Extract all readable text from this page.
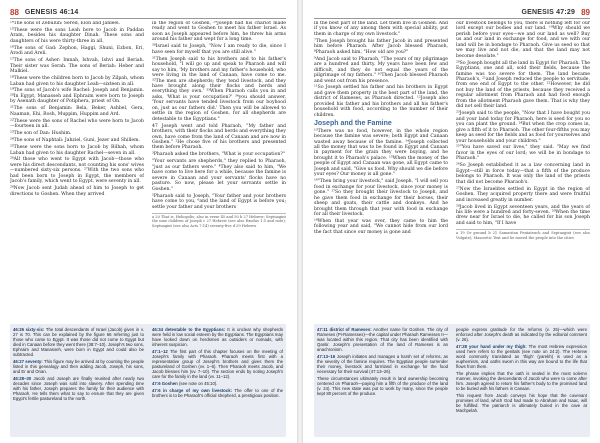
88 GENESIS 46:14

¹⁴The sons of Zebulun: Sered, Elon and Jahleel.

¹⁵These were the sons Leah bore to Jacob in Paddan Aram, besides his daughter Dinah. These sons and daughters of his were thirty-three in all.

¹⁶The sons of Gad: Zephon, Haggi, Shuni, Ezbon, Eri, Arodi and Areli.

¹⁷The sons of Asher: Imnah, Ishvah, Ishvi and Beriah. Their sister was Serah. The sons of Beriah: Heber and Malkiel.

¹⁸These were the children born to Jacob by Zilpah, whom Laban had given to his daughter Leah—sixteen in all.

¹⁹The sons of Jacob's wife Rachel: Joseph and Benjamin. ²⁰In Egypt, Manasseh and Ephraim were born to Joseph by Asenath daughter of Potiphera, priest of On.

²¹The sons of Benjamin: Bela, Beker, Ashbel, Gera, Naaman, Ehi, Rosh, Muppim, Huppim and Ard.

²²These were the sons of Rachel who were born to Jacob—fourteen in all.

²³The son of Dan: Hushim.

²⁴The sons of Naphtali: Jahziel, Guni, Jezer and Shillem.

²⁵These were the sons born to Jacob by Bilhah, whom Laban had given to his daughter Rachel—seven in all.

²⁶All those who went to Egypt with Jacob—those who were his direct descendants, not counting his sons' wives—numbered sixty-six persons. ²⁷With the two sons who had been born to Joseph in Egypt, the members of Jacob's family, which went to Egypt, were seventy in all.

²⁸Now Jacob sent Judah ahead of him to Joseph to get directions to Goshen. When they arrived

in the region of Goshen, ²⁹Joseph had his chariot made ready and went to Goshen to meet his father Israel. As soon as Joseph appeared before him, he threw his arms around his father and wept for a long time.

³⁰Israel said to Joseph, "Now I am ready to die, since I have seen for myself that you are still alive."

³¹Then Joseph said to his brothers and to his father's household, "I will go up and speak to Pharaoh and will say to him, 'My brothers and my father's household, who were living in the land of Canaan, have come to me. ³²The men are shepherds; they tend livestock, and they have brought along their flocks and herds and everything they own.' ³³When Pharaoh calls you in and asks, 'What is your occupation?' ³⁴you should answer, 'Your servants have tended livestock from our boyhood on, just as our fathers did.' Then you will be allowed to settle in the region of Goshen, for all shepherds are detestable to the Egyptians."

47 Joseph went and told Pharaoh, "My father and brothers, with their flocks and herds and everything they own, have come from the land of Canaan and are now in Goshen." ²He chose five of his brothers and presented them before Pharaoh.

³Pharaoh asked the brothers, "What is your occupation?"

"Your servants are shepherds," they replied to Pharaoh, "just as our fathers were." ⁴They also said to him, "We have come to live here for a while, because the famine is severe in Canaan and your servants' flocks have no pasture. So now, please let your servants settle in Goshen."

⁵Pharaoh said to Joseph, "Your father and your brothers have come to you, ⁶and the land of Egypt is before you; settle your father and your brothers

a 20 That is, Heliopolis; also in verse 45 and 50 b 27 Hebrew; Septuagint the nine children of Joseph c 27 Hebrew (see also Exodus 1:5 and note); Septuagint (see also Acts 7:14) seventy-five d 29 Hebrew

46:26 sixty-six: The total descendants of Israel (Jacob) given in v. 27 is 70. This can be explained by the figure 66 referring just to those who came to Egypt. It was those did not come to Egypt but died in Canaan before they went there (38:7–10). Joseph's two sons, Ephraim and Manasseh, were born in Egypt and could also be subtracted.

46:27 seventy: This figure may be arrived at by counting the people listed in this genealogy and then adding Jacob, Joseph, his sons, and Er and Onan.

46:28–30 Jacob and Joseph are finally reunited after nearly two decades since Joseph was sold into slavery. After spending time with his father, Joseph prepares the family for their audience with Pharaoh. He tells them what to say to ensure that they are given Egypt's fertile pastureland to the north.

46:34 detestable to the Egyptians: It is unclear why shepherds were held in low social esteem by the Egyptians. The Egyptians may have looked down on herdsmen as outsiders or nomads, with inherent suspicion.

47:1–12 The first part of this chapter focuses on the meeting of Joseph's family with Pharaoh. Pharaoh meets first with a representative group of Joseph's brothers and gives them the pastureland of Goshen (vv. 1–6). Then Pharaoh meets Jacob, and Jacob blesses him (vv. 7–10). The section ends by noting Joseph's care for the family in the land (vv. 11–12).

47:6 Goshen (see note on 45:10).

47:6 in charge of my own livestock: The offer to one of the brothers is to be Pharaoh's official shepherd, a prestigious position.

GENESIS 47:29 89

in the best part of the land. Let them live in Goshen. And if you know of any among them with special ability, put them in charge of my own livestock."

⁷Then Joseph brought his father Jacob in and presented him before Pharaoh. After Jacob blessed Pharaoh, ⁸Pharaoh asked him, "How old are you?"

⁹And Jacob said to Pharaoh, "The years of my pilgrimage are a hundred and thirty. My years have been few and difficult, and they do not equal the years of the pilgrimage of my fathers." ¹⁰Then Jacob blessed Pharaoh and went out from his presence.

¹¹So Joseph settled his father and his brothers in Egypt and gave them property in the best part of the land, the district of Rameses, as Pharaoh directed. ¹²Joseph also provided his father and his brothers and all his father's household with food, according to the number of their children.

Joseph and the Famine

¹³There was no food, however, in the whole region because the famine was severe; both Egypt and Canaan wasted away because of the famine. ¹⁴Joseph collected all the money that was to be found in Egypt and Canaan in payment for the grain they were buying, and he brought it to Pharaoh's palace. ¹⁵When the money of the people of Egypt and Canaan was gone, all Egypt came to Joseph and said, "Give us food. Why should we die before your eyes? Our money is all gone."

¹⁶"Then bring your livestock," said Joseph. "I will sell you food in exchange for your livestock, since your money is gone." ¹⁷So they brought their livestock to Joseph, and he gave them food in exchange for their horses, their sheep and goats, their cattle and donkeys. And he brought them through that year with food in exchange for all their livestock.

¹⁸When that year was over, they came to him the following year and said, "We cannot hide from our lord the fact that since our money is gone and

our livestock belongs to you, there is nothing left for our lord except our bodies and our land. ¹⁹Why should we perish before your eyes—we and our land as well? Buy us and our land in exchange for food, and we with our land will be in bondage to Pharaoh. Give us seed so that we may live and not die, and that the land may not become desolate."

²⁰So Joseph bought all the land in Egypt for Pharaoh. The Egyptians, one and all, sold their fields, because the famine was too severe for them. The land became Pharaoh's, ²¹and Joseph reduced the people to servitude, from one end of Egypt to the other. ²²However, he did not buy the land of the priests, because they received a regular allotment from Pharaoh and had food enough from the allotment Pharaoh gave them. That is why they did not sell their land.

²³Joseph said to the people, "Now that I have bought you and your land today for Pharaoh, here is seed for you so you can plant the ground. ²⁴But when the crop comes in, give a fifth of it to Pharaoh. The other four-fifths you may keep as seed for the fields and as food for yourselves and your households and your children."

²⁵"You have saved our lives," they said. "May we find favor in the eyes of our lord; we will be in bondage to Pharaoh."

²⁶So Joseph established it as a law concerning land in Egypt—still in force today—that a fifth of the produce belongs to Pharaoh. It was only the land of the priests that did not become Pharaoh's.

²⁷Now the Israelites settled in Egypt in the region of Goshen. They acquired property there and were fruitful and increased greatly in number.

²⁸Jacob lived in Egypt seventeen years, and the years of his life were a hundred and forty-seven. ²⁹When the time drew near for Israel to die, he called for his son Joseph and said to him, "If I have

a 19 Or ground b 21 Samaritan Pentateuch and Septuagint (see also Vulgate); Masoretic Text and he moved the people into the cities

47:11 district of Rameses: Another name for Goshen. The city of Rameses (Pi-Ramesses)—the capital under Pharaoh Ramesses II—was located within this region. That city has been identified with Qantir. Joseph's presentation of the land of Rameses is an anachronism.

47:13–16 Joseph initiates and manages a harsh set of reforms, as the severity of the famine requires. The Egyptian people surrender their money, livestock and farmland in exchange for the food necessary for their survival (47:13–26).

These circumstances ultimately result in land ownership becoming centered on Pharaoh—paying him a fifth of the produce of the land (v. 24). This new state was put to work by many, since the people kept 80 percent of the produce.

people express gratitude for the reforms (v. 25)—which were enforced after Joseph's death as indicated by the editorial comment (v. 26).

47:28 your hand under my thigh: The most Hebrew expression used here refers to the genitals (see note on 24:2). The Hebrew word commonly translated as 'thigh' (yarekh) is used as a euphemism, and oaths sworn in this way are bound to the life that flows from them.

The phrase implies that the oath is sealed in the most solemn manner, invoking the descendants of Jacob who were to come after him. Joseph agreed to return his father's body to the promised land to be buried with his fathers in Canaan.

This request from Jacob conveys his hope that the covenant promises of land, which God had made to Abraham and Isaac, will be fulfilled. The patriarch is ultimately buried in the cave at Machpelah.
